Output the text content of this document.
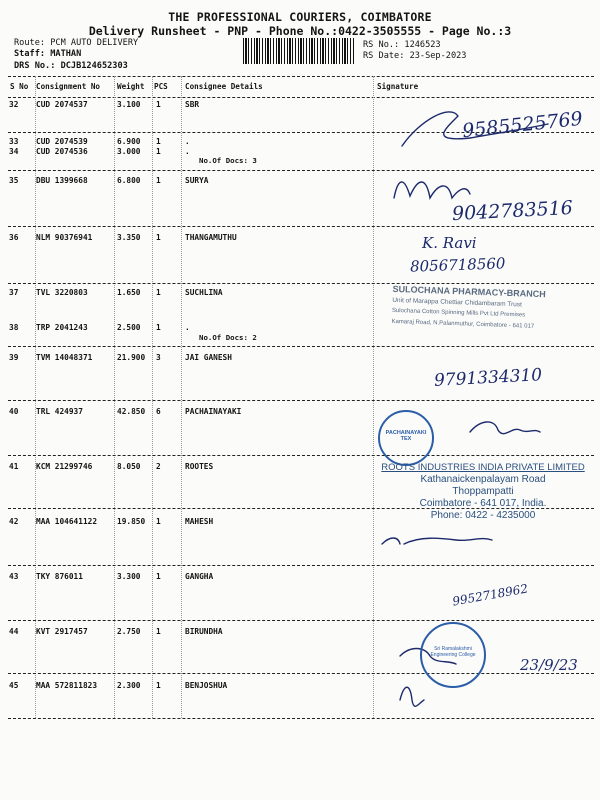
THE PROFESSIONAL COURIERS, COIMBATORE
Delivery Runsheet - PNP - Phone No.:0422-3505555 - Page No.:3
Route: PCM AUTO DELIVERY
Staff: MATHAN
DRS No.: DCJB124652303
RS No.: 1246523
RS Date: 23-Sep-2023
S No Consignment No Weight PCS Consignee Details	Signature
32 CUD 2074537	3.100 1	SBR
33 CUD 2074539	6.900 1	.
34 CUD 2074536	3.000 1	.
No.Of Docs: 3
35 DBU 1399668	6.800 1	SURYA
36 NLM 90376941	3.350 1	THANGAMUTHU
37 TVL 3220803	1.650 1	SUCHLINA
38 TRP 2041243	2.500 1	.
No.Of Docs: 2
39 TVM 14048371	21.900 3	JAI GANESH
40 TRL 424937	42.850 6	PACHAINAYAKI
41 KCM 21299746	8.050 2	ROOTES
42 MAA 104641122	19.850 1	MAHESH
43 TKY 876011	3.300 1	GANGHA
44 KVT 2917457	2.750 1	BIRUNDHA
45 MAA 572811823	2.300 1	BENJOSHUA
9585525769
9042783516
K. Ravi
8056718560
9791334310
9952718962
23/9/23
SULOCHANA PHARMACY-BRANCH
Unit of Marappa Chettiar Chidambaram Trust
Sulochana Cotton Spinning Mills Pvt Ltd Premises
Kamaraj Road, N.Palanmuthur, Coimbatore - 641 017
PACHAINAYAKI TEX
ROOTS INDUSTRIES INDIA PRIVATE LIMITED
Kathanaickenpalayam Road
Thoppampatti
Coimbatore - 641 017, India.
Phone: 0422 - 4235000
Sri Ramalakshmi Engineering College
